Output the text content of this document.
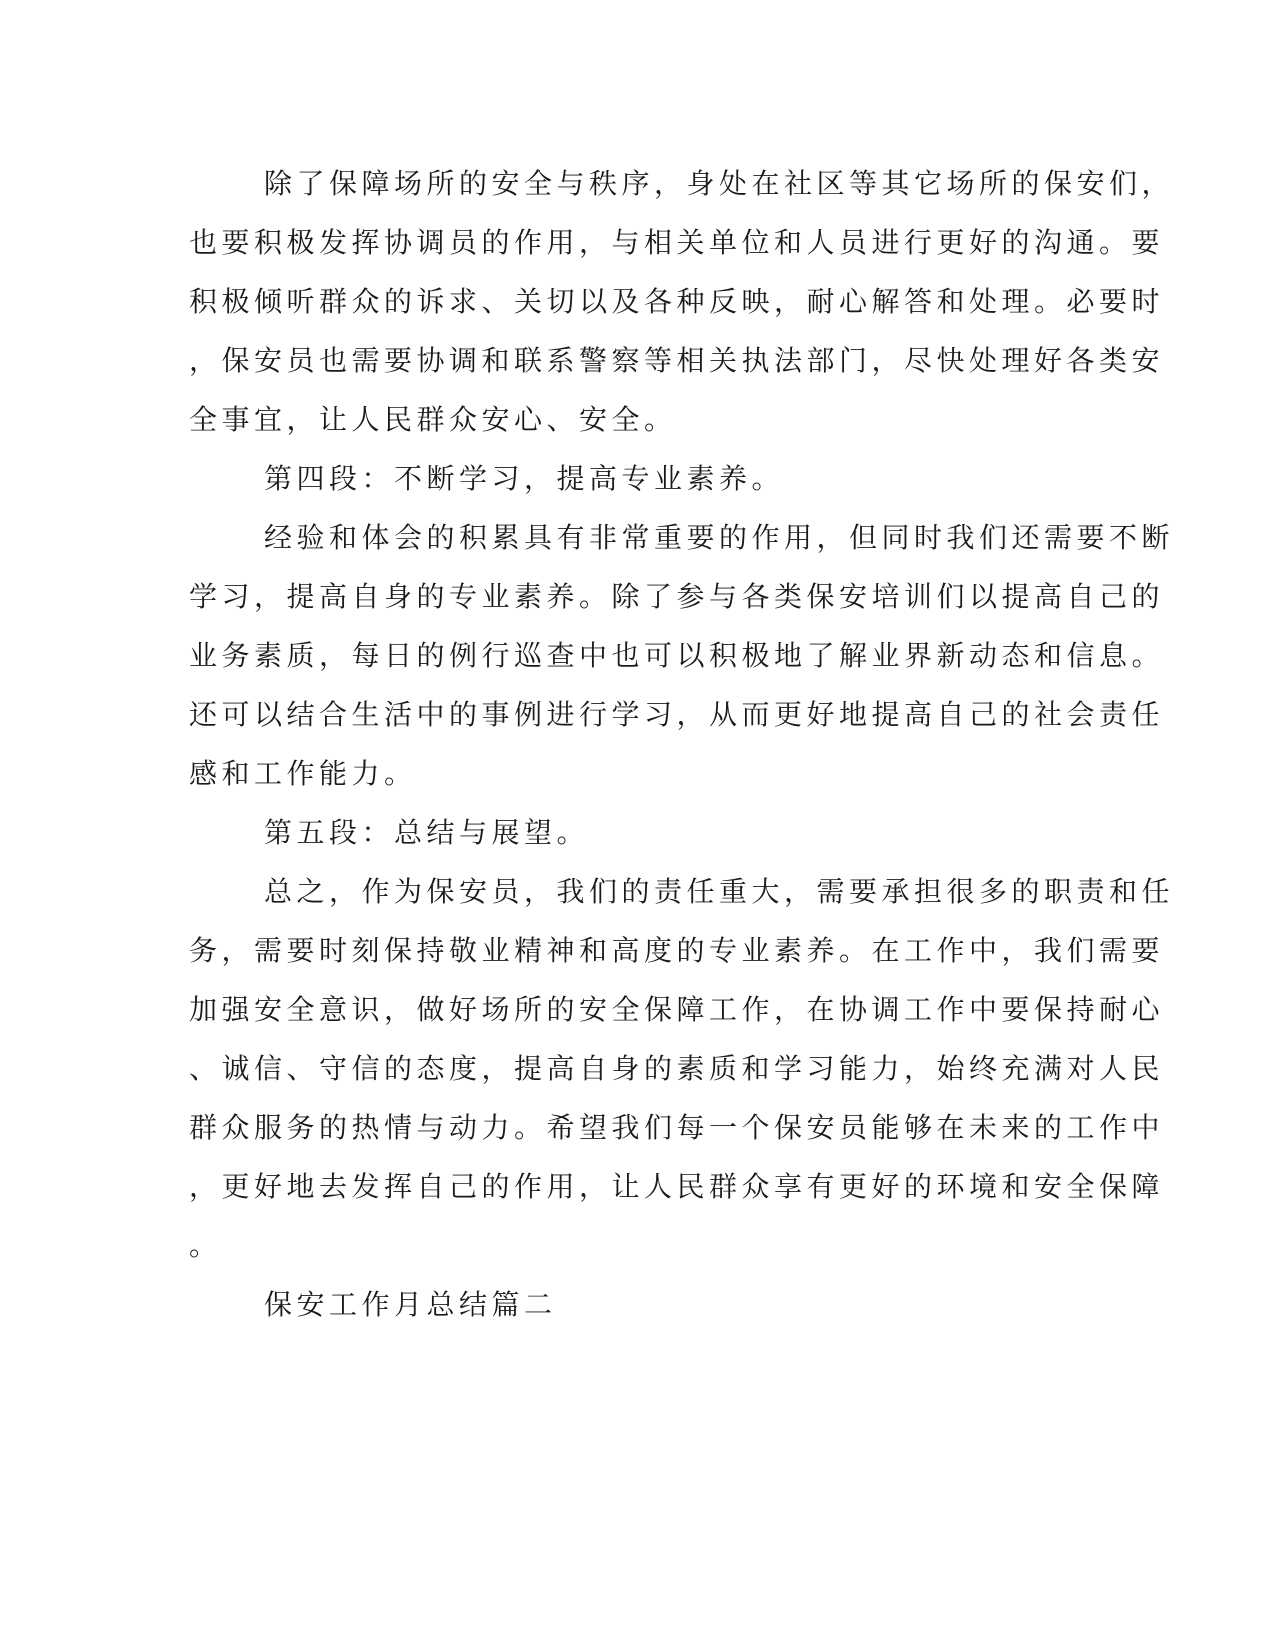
除了保障场所的安全与秩序，身处在社区等其它场所的保安们，
也要积极发挥协调员的作用，与相关单位和人员进行更好的沟通。要
积极倾听群众的诉求、关切以及各种反映，耐心解答和处理。必要时
，保安员也需要协调和联系警察等相关执法部门，尽快处理好各类安
全事宜，让人民群众安心、安全。
第四段：不断学习，提高专业素养。
经验和体会的积累具有非常重要的作用，但同时我们还需要不断
学习，提高自身的专业素养。除了参与各类保安培训们以提高自己的
业务素质，每日的例行巡查中也可以积极地了解业界新动态和信息。
还可以结合生活中的事例进行学习，从而更好地提高自己的社会责任
感和工作能力。
第五段：总结与展望。
总之，作为保安员，我们的责任重大，需要承担很多的职责和任
务，需要时刻保持敬业精神和高度的专业素养。在工作中，我们需要
加强安全意识，做好场所的安全保障工作，在协调工作中要保持耐心
、诚信、守信的态度，提高自身的素质和学习能力，始终充满对人民
群众服务的热情与动力。希望我们每一个保安员能够在未来的工作中
，更好地去发挥自己的作用，让人民群众享有更好的环境和安全保障
。
保安工作月总结篇二
